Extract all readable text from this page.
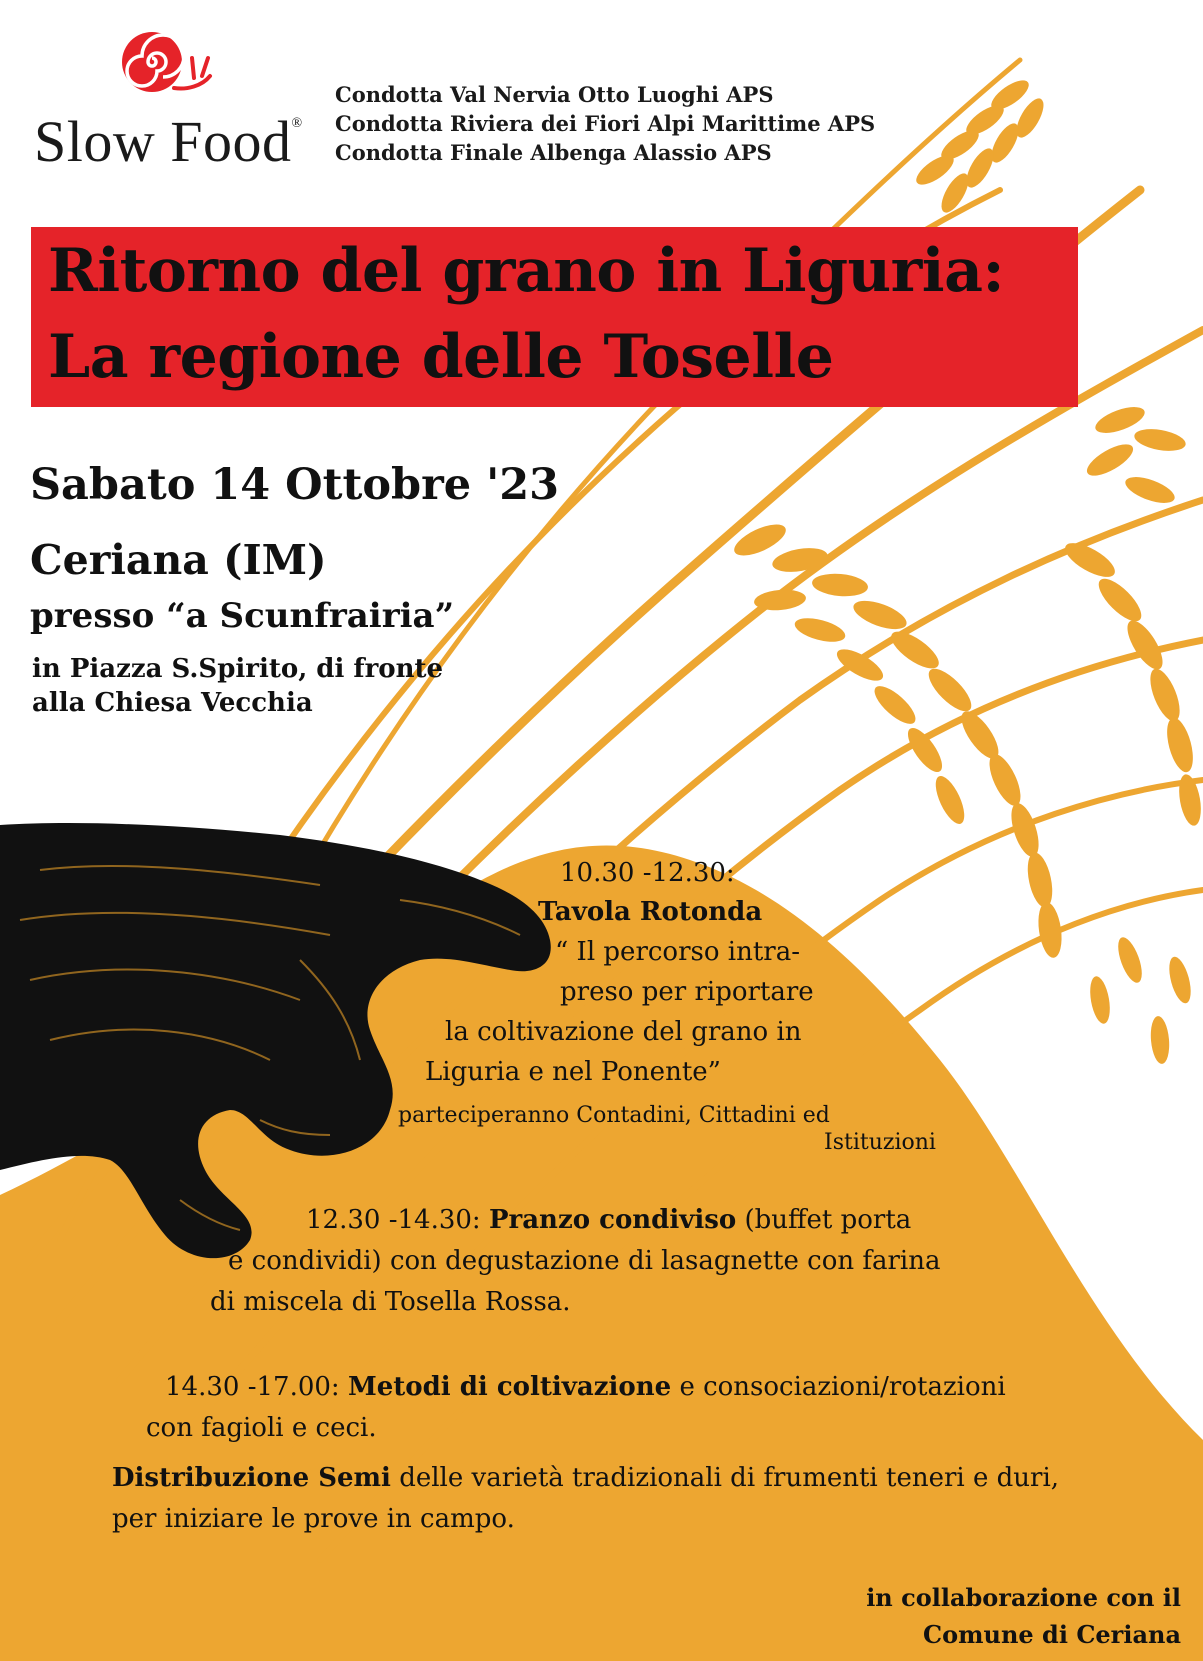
Slow Food®
Condotta Val Nervia Otto Luoghi APS
Condotta Riviera dei Fiori Alpi Marittime APS
Condotta Finale Albenga Alassio APS
Ritorno del grano in Liguria:
La regione delle Toselle
Sabato 14 Ottobre '23
Ceriana (IM)
presso “a Scunfrairia”
in Piazza S.Spirito, di fronte
alla Chiesa Vecchia
10.30 -12.30:
Tavola Rotonda
“ Il percorso intra-
preso per riportare
la coltivazione del grano in
Liguria e nel Ponente”
parteciperanno Contadini, Cittadini ed
Istituzioni
12.30 -14.30: Pranzo condiviso (buffet porta
e condividi) con degustazione di lasagnette con farina
di miscela di Tosella Rossa.
14.30 -17.00: Metodi di coltivazione e consociazioni/rotazioni
con fagioli e ceci.
Distribuzione Semi delle varietà tradizionali di frumenti teneri e duri,
per iniziare le prove in campo.
in collaborazione con il
Comune di Ceriana
